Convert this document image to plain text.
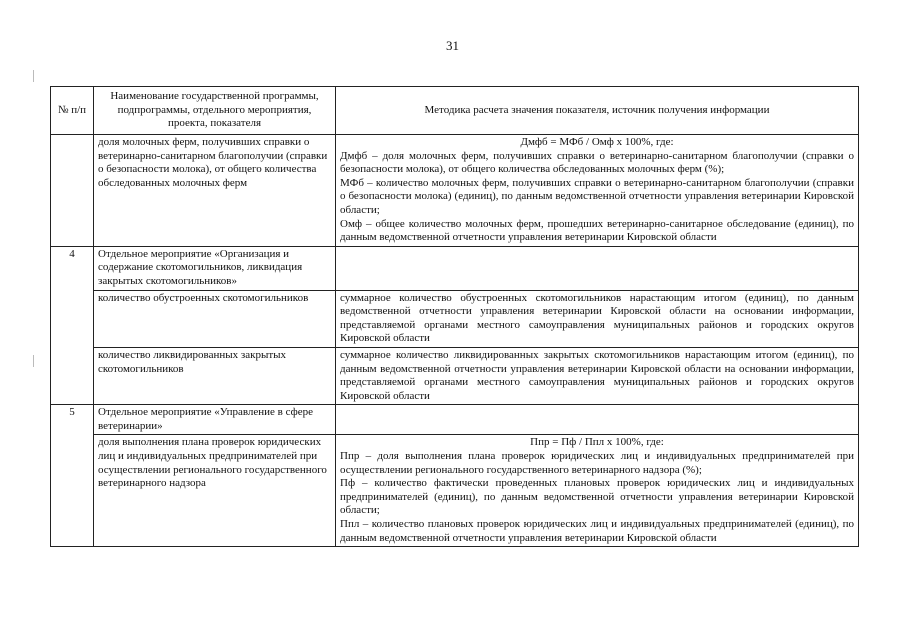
31
№ п/п	Наименование государственной программы, подпрограммы, отдельного мероприятия, проекта, показателя	Методика расчета значения показателя, источник получения информации
	доля молочных ферм, получивших справки о ветеринарно-санитарном благополучии (справки о безопасности молока), от общего количества обследованных молочных ферм	Дмфб = МФб / Омф х 100%, где:
Дмфб – доля молочных ферм, получивших справки о ветеринарно-санитарном благополучии (справки о безопасности молока), от общего количества обследованных молочных ферм (%);
МФб – количество молочных ферм, получивших справки о ветеринарно-санитарном благополучии (справки о безопасности молока) (единиц), по данным ведомственной отчетности управления ветеринарии Кировской области;
Омф – общее количество молочных ферм, прошедших ветеринарно-санитарное обследование (единиц), по данным ведомственной отчетности управления ветеринарии Кировской области

4	Отдельное мероприятие «Организация и содержание скотомогильников, ликвидация закрытых скотомогильников»	
	количество обустроенных скотомогильников	суммарное количество обустроенных скотомогильников нарастающим итогом (единиц), по данным ведомственной отчетности управления ветеринарии Кировской области на основании информации, представляемой органами местного самоуправления муниципальных районов и городских округов Кировской области
	количество ликвидированных закрытых скотомогильников	суммарное количество ликвидированных закрытых скотомогильников нарастающим итогом (единиц), по данным ведомственной отчетности управления ветеринарии Кировской области на основании информации, представляемой органами местного самоуправления муниципальных районов и городских округов Кировской области
5	Отдельное мероприятие «Управление в сфере ветеринарии»	
	доля выполнения плана проверок юридических лиц и индивидуальных предпринимателей при осуществлении регионального государственного ветеринарного надзора	Ппр = Пф / Ппл х 100%, где:
Ппр – доля выполнения плана проверок юридических лиц и индивидуальных предпринимателей при осуществлении регионального государственного ветеринарного надзора (%);
Пф – количество фактически проведенных плановых проверок юридических лиц и индивидуальных предпринимателей (единиц), по данным ведомственной отчетности управления ветеринарии Кировской области;
Ппл – количество плановых проверок юридических лиц и индивидуальных предпринимателей (единиц), по данным ведомственной отчетности управления ветеринарии Кировской области
